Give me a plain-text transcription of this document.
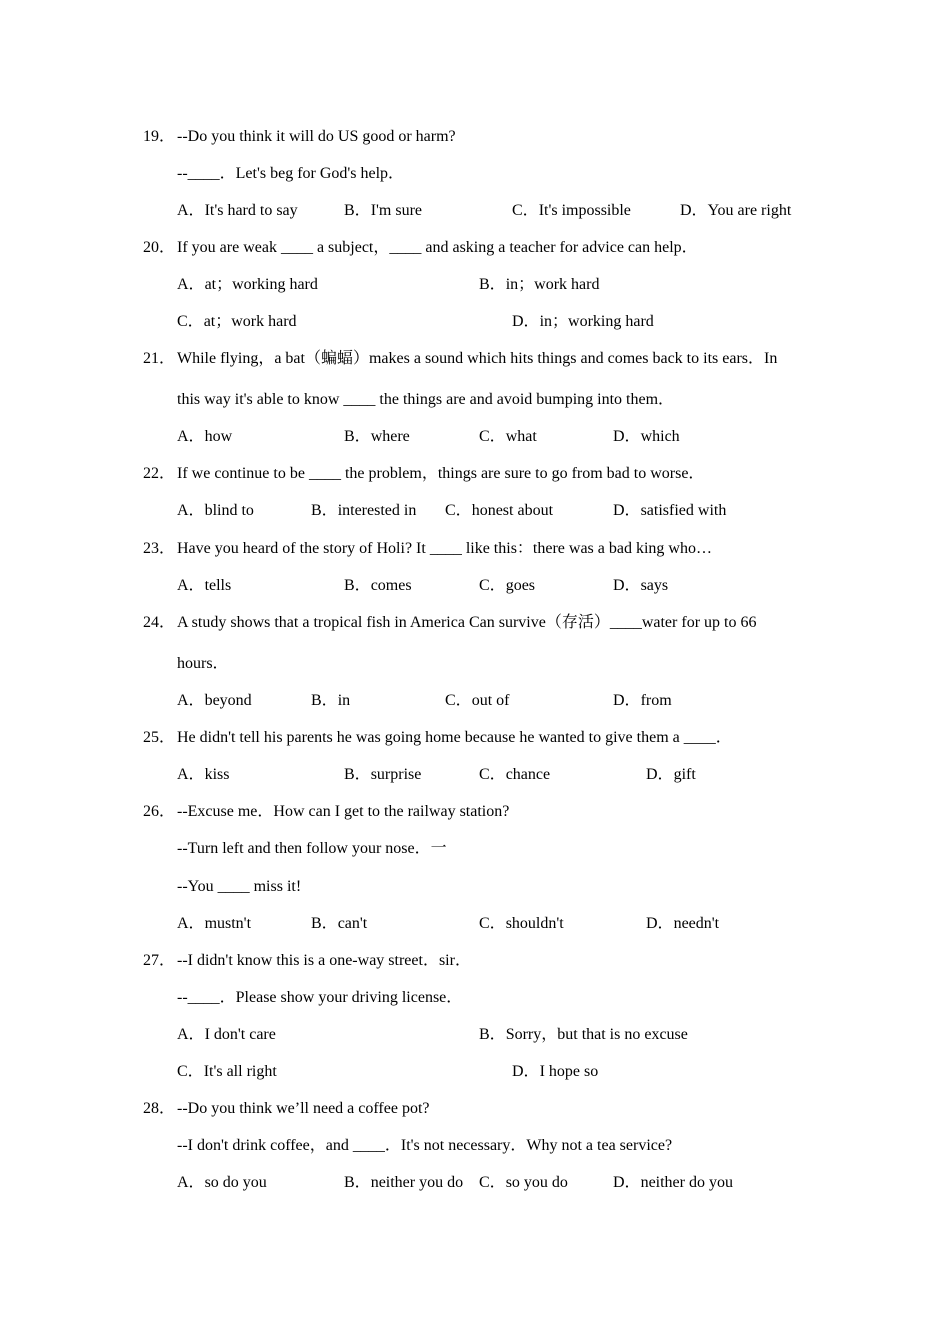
19． --Do you think it will do US good or harm?
--____．Let's beg for God's help．
A．It's hard to say	B．I'm sure	C．It's impossible	D．You are right
20． If you are weak ____ a subject，____ and asking a teacher for advice can help．
A．at；working hard	B．in；work hard
C．at；work hard	D．in；working hard
21． While flying，a bat（蝙蝠）makes a sound which hits things and comes back to its ears．In
this way it's able to know ____ the things are and avoid bumping into them．
A．how	B．where	C．what	D．which
22． If we continue to be ____ the problem，things are sure to go from bad to worse．
A．blind to	B．interested in C．honest about	D．satisfied with
23． Have you heard of the story of Holi? It ____ like this：there was a bad king who…
A．tells	B．comes	C．goes	D．says
24． A study shows that a tropical fish in America Can survive（存活）____water for up to 66
hours．
A．beyond	B．in	C．out of	D．from
25． He didn't tell his parents he was going home because he wanted to give them a ____．
A．kiss	B．surprise	C．chance	D．gift
26． --Excuse me．How can I get to the railway station?
--Turn left and then follow your nose．一
--You ____ miss it!
A．mustn't	B．can't	C．shouldn't	D．needn't
27． --I didn't know this is a one-way street．sir．
--____．Please show your driving license．
A．I don't care	B．Sorry，but that is no excuse
C．It's all right	D．I hope so
28． --Do you think we’ll need a coffee pot?
--I don't drink coffee，and ____．It's not necessary．Why not a tea service?
A．so do you	B．neither you do C．so you do	D．neither do you
